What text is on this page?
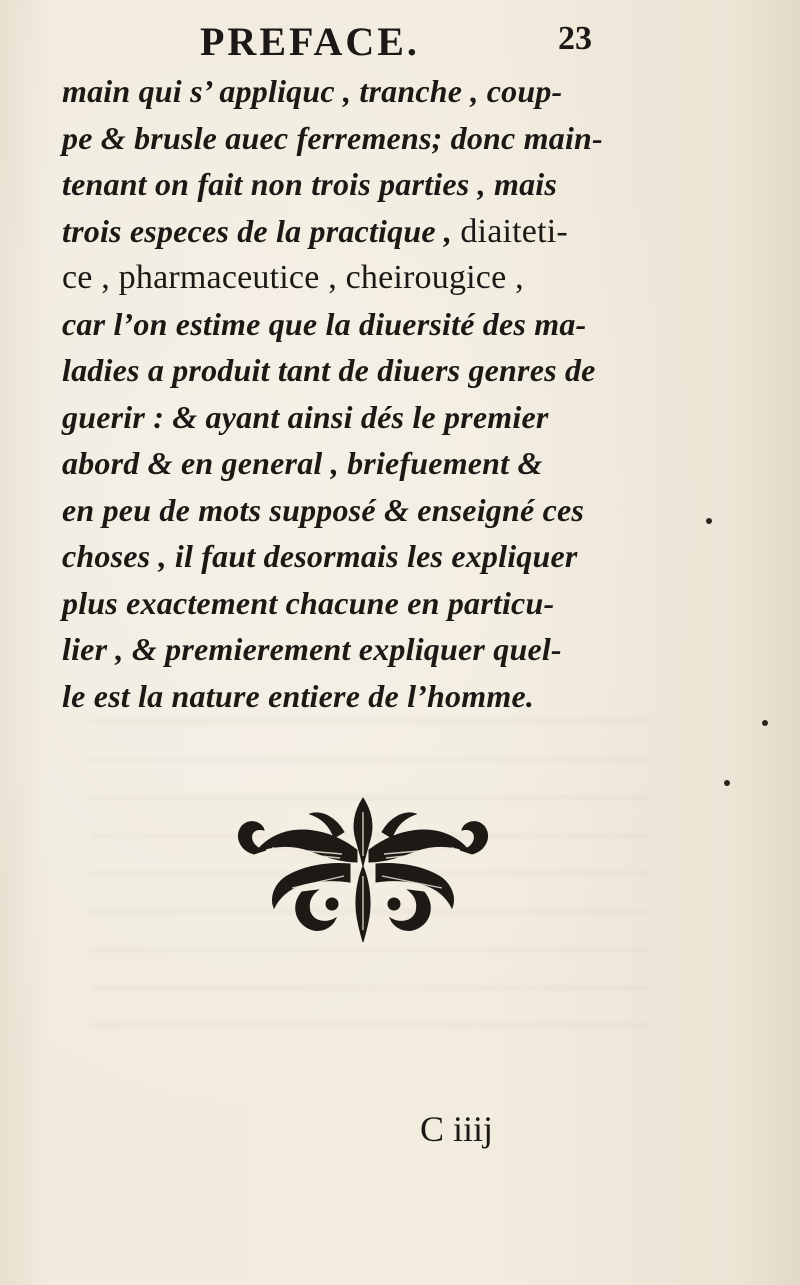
PREFACE.	23
main qui s’ appliquc , tranche , coup-
pe & brusle auec ferremens; donc main-
tenant on fait non trois parties , mais
trois especes de la practique , diaiteti-
ce , pharmaceutice , cheirougice ,
car l’on estime que la diuersité des ma-
ladies a produit tant de diuers genres de
guerir : & ayant ainsi dés le premier
abord & en general , briefuement &
en peu de mots supposé & enseigné ces
choses , il faut desormais les expliquer
plus exactement chacune en particu-
lier , & premierement expliquer quel-
le est la nature entiere de l’homme.
C iiij
